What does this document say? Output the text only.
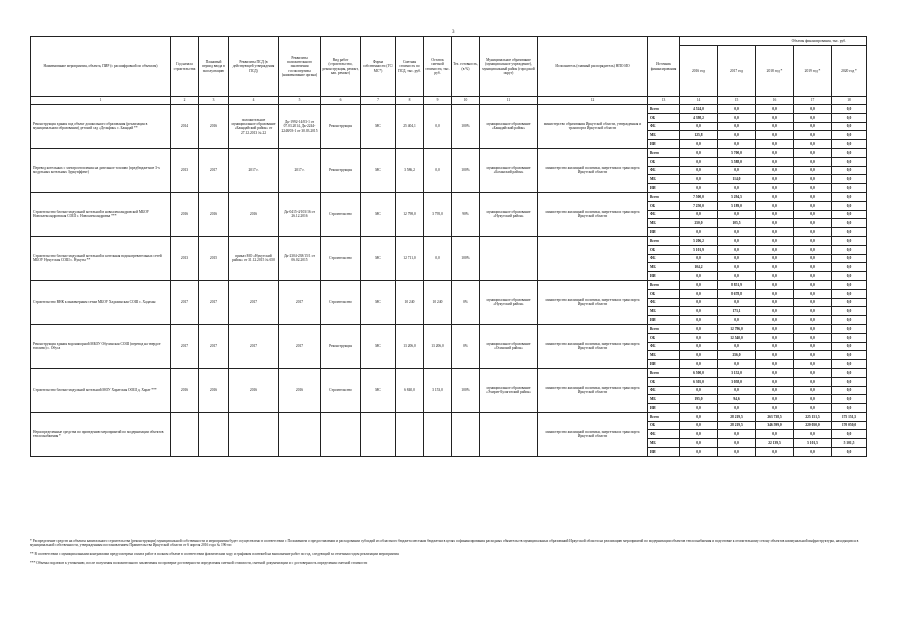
3
Наименование мероприятия, объекта, ПИР (с расшифровкой по объектам)	Год начала строительства	Плановый период ввода в эксплуатацию	Реквизиты ПСД (в действующей утверждения ПСД)	Реквизиты положительного заключения госэкспертизы (наименование органа)	Вид работ (строительство, реконструкция, ремонт, кап. ремонт)	Форма собственности (ГС/МС*)	Сметная стоимость по ПСД, тыс. руб.	Остаток сметной стоимости, тыс. руб.	Тех. готовность, (в %)	Муниципальное образование (муниципальное учреждение), муниципальный район (городской округ)	Исполнитель (главный распорядитель) НПО ИО	Источник финансирования	Объемы финансирования, тыс. руб.				
													2016 год	2017 год	2018 год *	2019 год *	2020 год *
1	2	3	4	5	6	7	8	9	10	11	12	13	14	15	16	17	18
Реконструкция здания под объект дошкольного образования (реализация в муниципальном образовании) детский сад «Дельфин» с. Баяндай **	2014	2016	положительное муниципальное образование «Баяндайский район» от 27.12.2013 № 22	Дк-1992-14/03-1 от 07.03.2014, Дк-2244-2248/03-1 от 30.03.2015	Реконструкция	МС	25 404,1	0,0	100%	муниципальное образование «Баяндайский район»	министерство образования Иркутской области, утвержденная и транспорта Иркутской области	Всего	4 524,0	0,0	0,0	0,0	0,0
												ОБ	4 398,2	0,0	0,0	0,0	0,0
												ФБ	0,0	0,0	0,0	0,0	0,0
												МБ	125,8	0,0	0,0	0,0	0,0
												ИИ	0,0	0,0	0,0	0,0	0,0
Перевод котельных с электроотопления на дизельное топливо (предбюджетное 3-х модульных котельных Зуркуэффект)	2013	2017	2017 г.	2017 г.	Реконструкция	МС	3 586,2	0,0	100%	муниципальное образование «Боханский район»	министерство жилищной политики, энергетики и транспорта Иркутской области	Всего	0,0	5 700,0	0,0	0,0	0,0
												ОБ	0,0	5 588,0	0,0	0,0	0,0
												ФБ	0,0	0,0	0,0	0,0	0,0
												МБ	0,0	114,0	0,0	0,0	0,0
												ИИ	0,0	0,0	0,0	0,0	0,0
Строительство блочно-модульной котельной в новоалександровской МБОУ Новоалександровская СОШ с. Новоалександровка ***	2016	2016	2016	Дк-0415-4/103/16 от 26.12.2016	Строительство	МС	12 798,0	3 795,0	90%	муниципальное образование «Нукутский район»	министерство жилищной политики, энергетики и транспорта Иркутской области	Всего	7 500,0	5 294,5	0,0	0,0	0,0
												ОБ	7 250,0	5 189,0	0,0	0,0	0,0
												ФБ	0,0	0,0	0,0	0,0	0,0
												МБ	250,0	105,5	0,0	0,0	0,0
												ИИ	0,0	0,0	0,0	0,0	0,0
Строительство блочно-модульной котельной и котельная водонагревательных сетей МБОУ Нукутская СОШ с. Нукуты **	2013	2015	приказ МО «Нукутский район» от 31.12.2015 № 650	Дк-2304-238/15/1 от 06.02.2015	Строительство	МС	12 711,0	0,0	100%			Всего	5 206,2	0,0	0,0	0,0	0,0
												ОБ	5 101,9	0,0	0,0	0,0	0,0
												ФБ	0,0	0,0	0,0	0,0	0,0
												МБ	104,2	0,0	0,0	0,0	0,0
												ИИ	0,0	0,0	0,0	0,0	0,0
Строительство ВНК к инженерным сетям МБОУ Хадахинская СОШ с. Хадахан	2017	2017	2017	2017	Строительство	МС	10 240	10 240	0%	муниципальное образование «Нукутский район»	министерство жилищной политики, энергетики и транспорта Иркутской области	Всего	0,0	8 851,9	0,0	0,0	0,0
												ОБ	0,0	8 678,8	0,0	0,0	0,0
												ФБ	0,0	0,0	0,0	0,0	0,0
												МБ	0,0	173,1	0,0	0,0	0,0
												ИИ	0,0	0,0	0,0	0,0	0,0
Реконструкция здания водонапорной МБОУ Обусинская СОШ (перевод на твердое топливо) с. Обуса	2017	2017	2017	2017	Реконструкция	МС	13 206,0	13 206,0	0%	муниципальное образование «Осинский район»	министерство жилищной политики, энергетики и транспорта Иркутской области	Всего	0,0	12 796,0	0,0	0,0	0,0
												ОБ	0,0	12 540,0	0,0	0,0	0,0
												ФБ	0,0	0,0	0,0	0,0	0,0
												МБ	0,0	256,0	0,0	0,0	0,0
												ИИ	0,0	0,0	0,0	0,0	0,0
Строительство блочно-модульной котельной МОУ Харатская ООШ д. Харат ***	2016	2016	2016	2016	Строительство	МС	6 840,0	3 153,0	100%	муниципальное образование «Эхирит-Булагатский район»	министерство жилищной политики, энергетики и транспорта Иркутской области	Всего	6 500,0	3 152,0	0,0	0,0	0,0
												ОБ	6 305,0	3 058,0	0,0	0,0	0,0
												ФБ	0,0	0,0	0,0	0,0	0,0
												МБ	195,0	94,6	0,0	0,0	0,0
												ИИ	0,0	0,0	0,0	0,0	0,0
Нераспределенные средства по проведению мероприятий по модернизации объектов теплоснабжения *											министерство жилищной политики, энергетики и транспорта Иркутской области	Всего	0,0	28 219,5	263 738,5	225 151,5	175 151,5
												ОБ	0,0	28 219,5	346 599,0	220 050,0	170 050,0
												ФБ	0,0	0,0	0,0	0,0	0,0
												МБ	0,0	0,0	22 139,5	5 101,5	5 101,5
												ИИ	0,0	0,0	0,0	0,0	0,0
* Распределение средств на объекты капитального строительства (реконструкции) муниципальной собственности и мероприятия будет осуществлено в соответствии с Положением о предоставлении и расходовании субсидий из областного бюджета местным бюджетам в целях софинансирования расходных обязательств муниципальных образований Иркутской области на реализацию мероприятий по модернизации объектов теплоснабжения и подготовке к отопительному сезону объектов коммунальной инфраструктуры, находящихся в муниципальной собственности, утвержденным постановлением Правительства Иркутской области от 6 апреля 2016 года № 196-пп
** В соответствии с муниципальными контрактами предусмотрена оплата работ в полном объеме в соответствии фактическим ходу и графиком платежей на выполнение работ по год, следующий за отчетным годом реализации мероприятия
*** Объемы подлежат к уточнению, после получения положительного заключения по проверке достоверности определения сметной стоимости, сметной документации и с достоверность определения сметной стоимости
